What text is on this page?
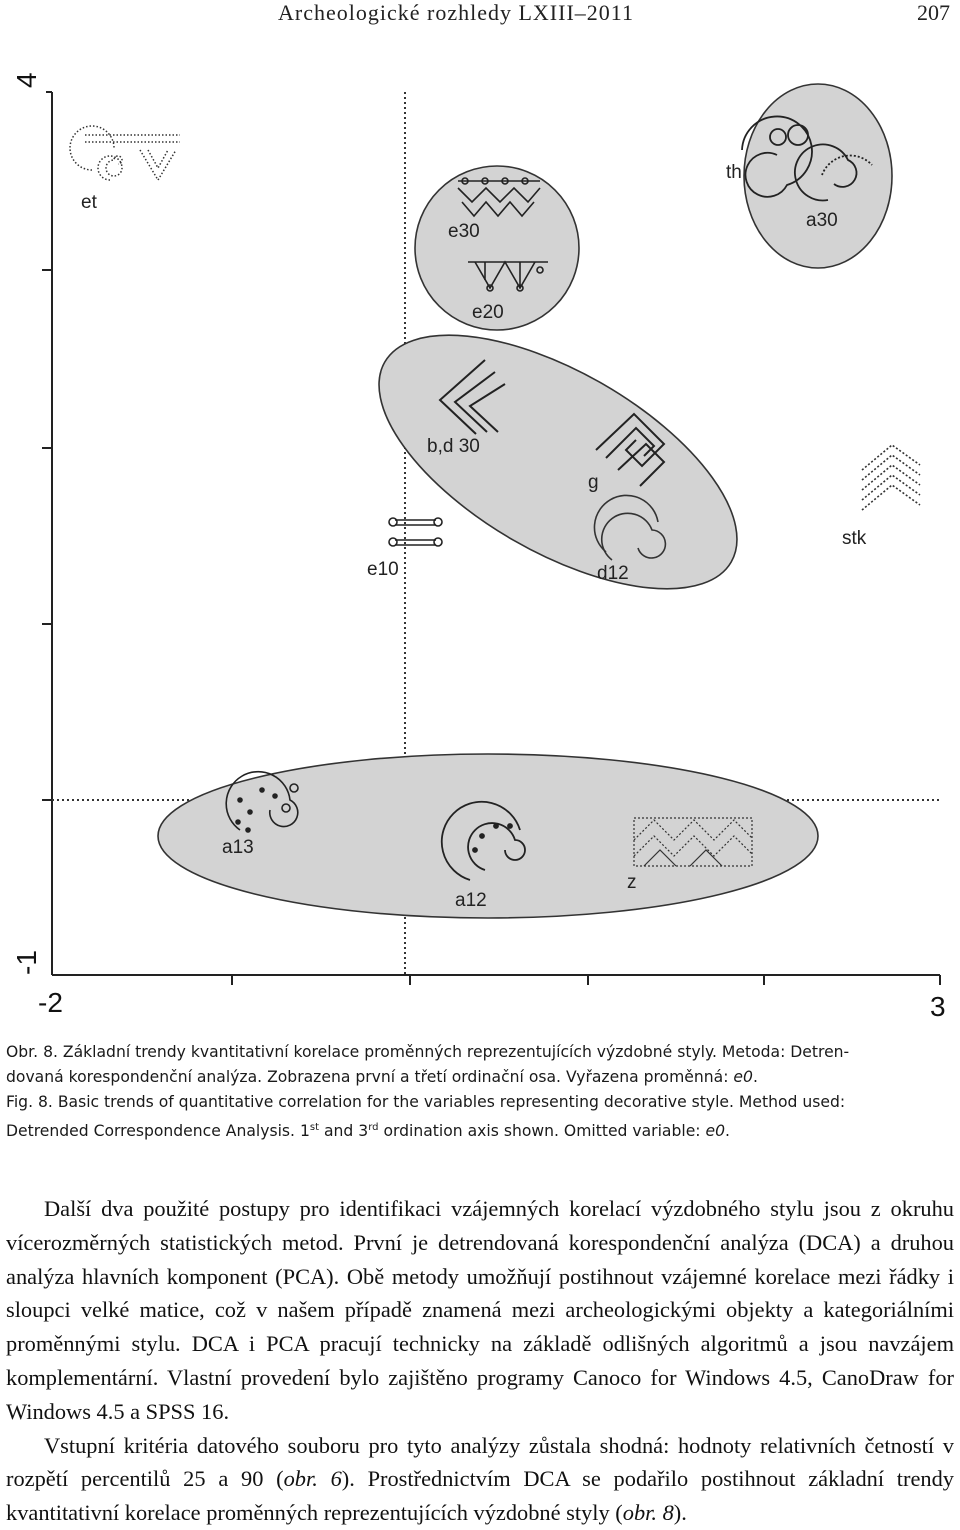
Archeologické rozhledy LXIII–2011	207
4
-1
-2	3
et
e30
e20
th
a30
b,d 30
g
d12
e10
stk
a13
a12
z
Obr. 8. Základní trendy kvantitativní korelace proměnných reprezentujících výzdobné styly. Metoda: Detren-
dovaná korespondenční analýza. Zobrazena první a třetí ordinační osa. Vyřazena proměnná: e0.
Fig. 8. Basic trends of quantitative correlation for the variables representing decorative style. Method used:
Detrended Correspondence Analysis. 1st and 3rd ordination axis shown. Omitted variable: e0.

Další dva použité postupy pro identifikaci vzájemných korelací výzdobného stylu jsou z okruhu vícerozměrných statistických metod. První je detrendovaná korespondenční analýza (DCA) a druhou analýza hlavních komponent (PCA). Obě metody umožňují postihnout vzájemné korelace mezi řádky i sloupci velké matice, což v našem případě znamená mezi archeologickými objekty a kategoriálními proměnnými stylu. DCA i PCA pracují technicky na základě odlišných algoritmů a jsou navzájem komplementární. Vlastní provedení bylo zajištěno programy Canoco for Windows 4.5, CanoDraw for Windows 4.5 a SPSS 16.

Vstupní kritéria datového souboru pro tyto analýzy zůstala shodná: hodnoty relativních četností v rozpětí percentilů 25 a 90 (obr. 6). Prostřednictvím DCA se podařilo postihnout základní trendy kvantitativní korelace proměnných reprezentujících výzdobné styly (obr. 8).
